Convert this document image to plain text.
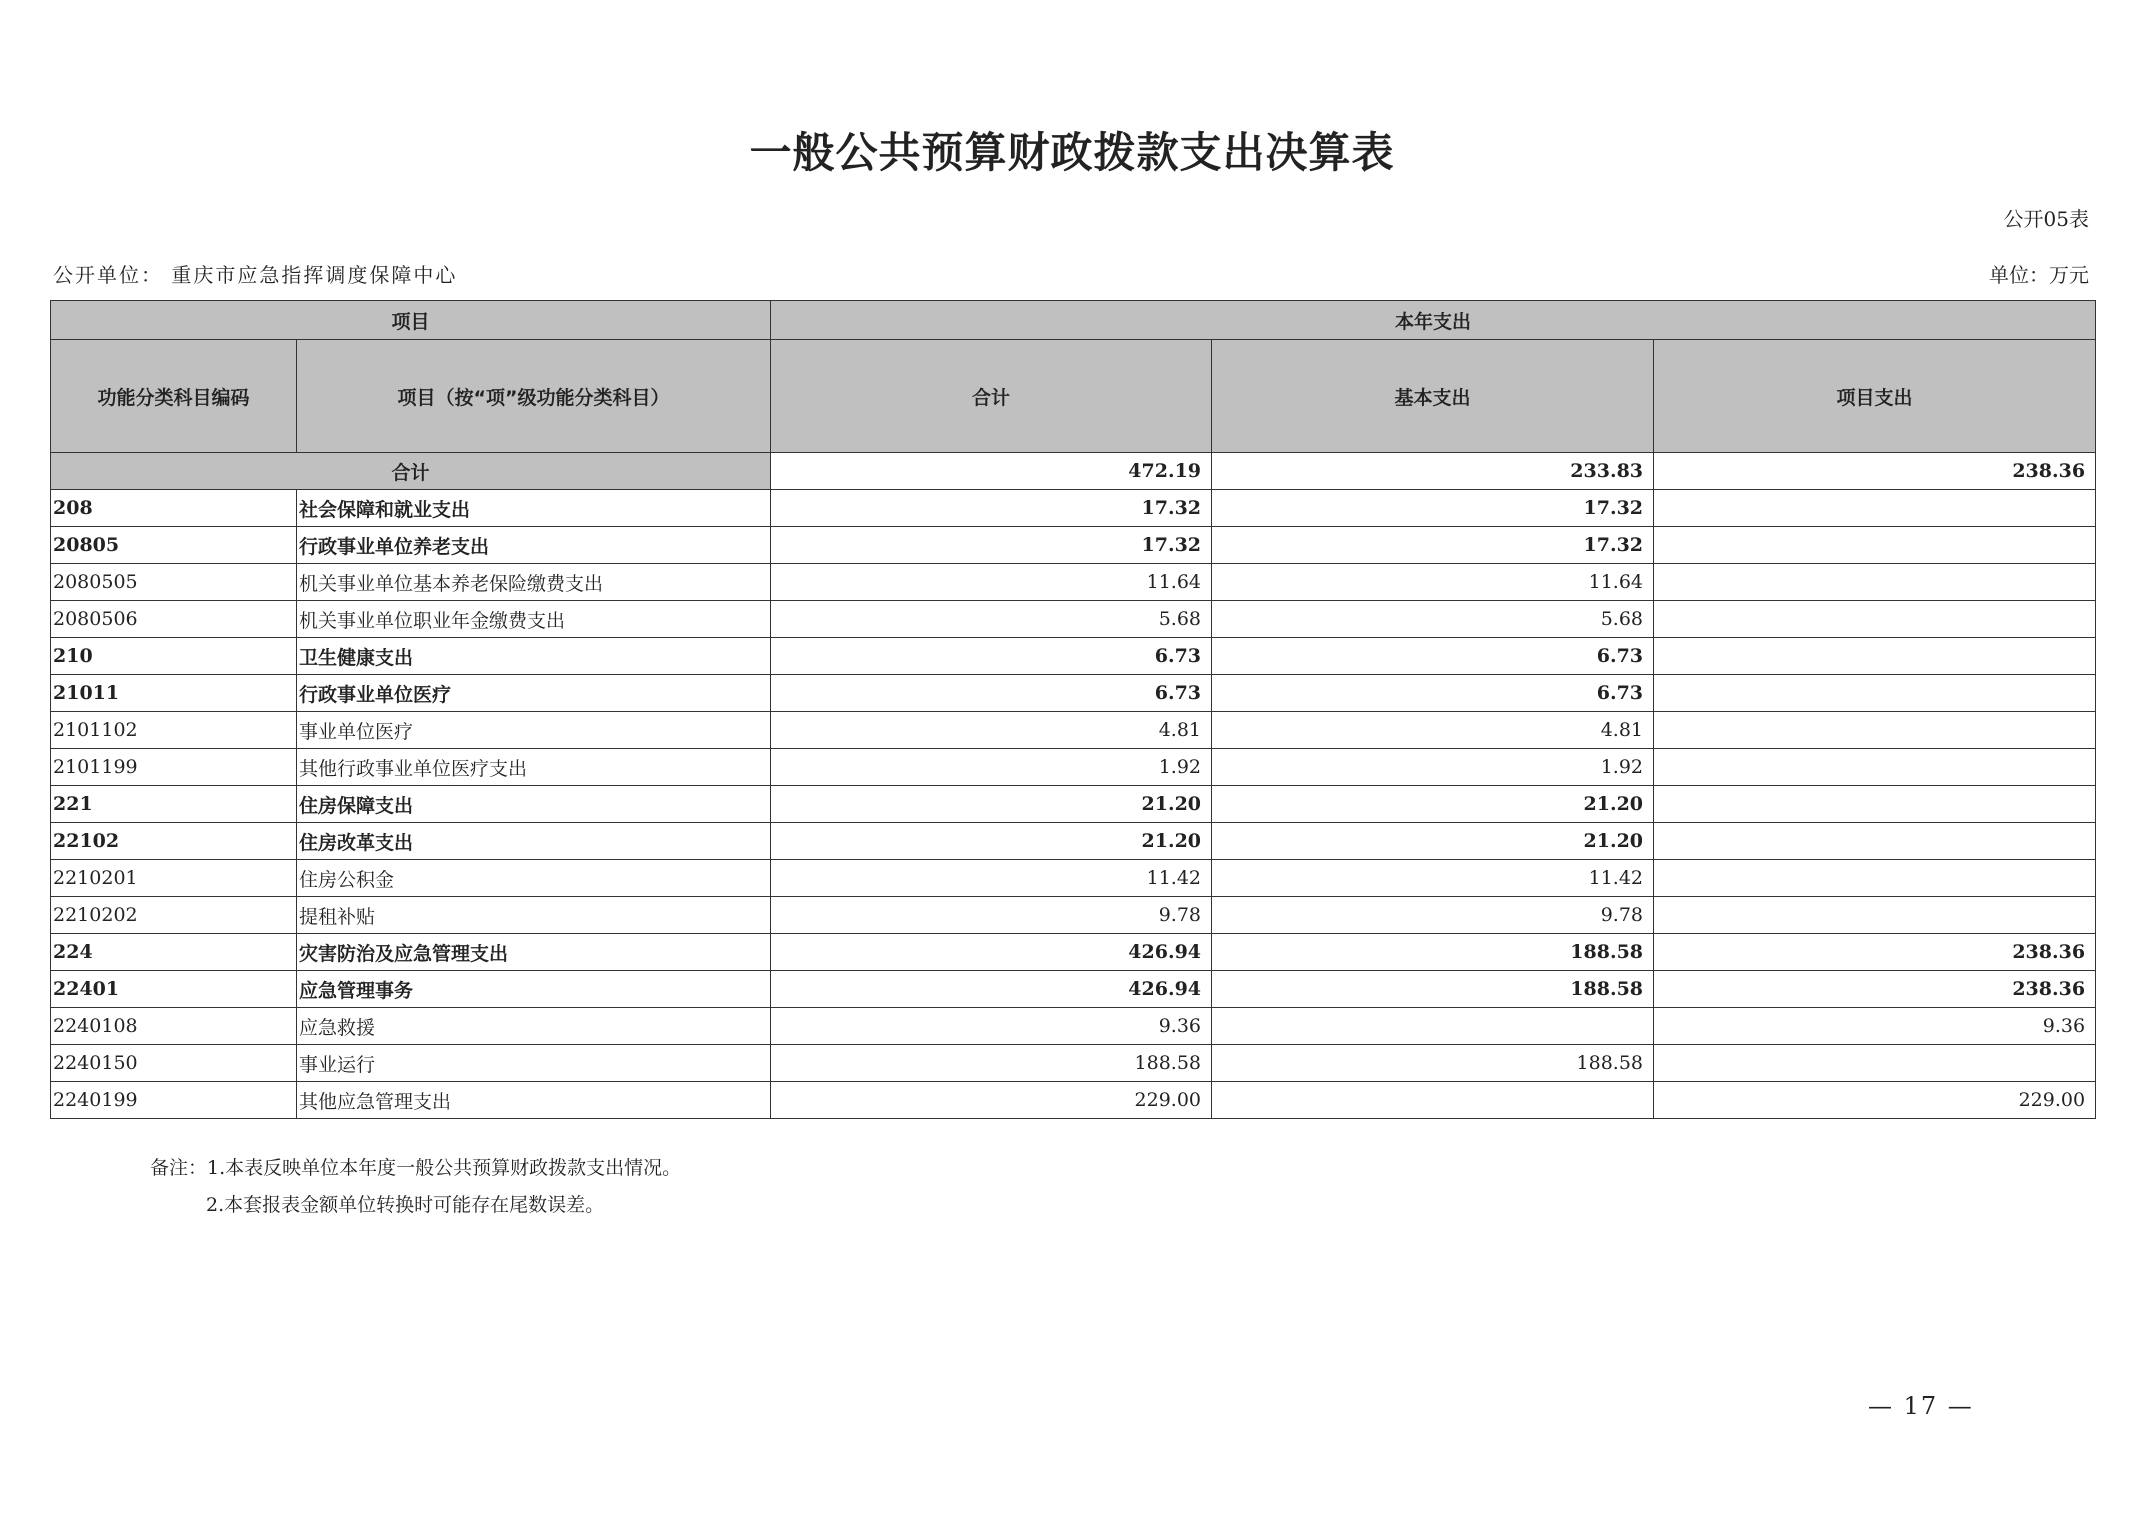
一般公共预算财政拨款支出决算表
公开05表
公开单位： 重庆市应急指挥调度保障中心	单位：万元
项目		本年支出		
功能分类科目编码	项目（按“项”级功能分类科目）	合计	基本支出	项目支出
合计		472.19	233.83	238.36
208	社会保障和就业支出	17.32	17.32	
20805	行政事业单位养老支出	17.32	17.32	
2080505	机关事业单位基本养老保险缴费支出	11.64	11.64	
2080506	机关事业单位职业年金缴费支出	5.68	5.68	
210	卫生健康支出	6.73	6.73	
21011	行政事业单位医疗	6.73	6.73	
2101102	事业单位医疗	4.81	4.81	
2101199	其他行政事业单位医疗支出	1.92	1.92	
221	住房保障支出	21.20	21.20	
22102	住房改革支出	21.20	21.20	
2210201	住房公积金	11.42	11.42	
2210202	提租补贴	9.78	9.78	
224	灾害防治及应急管理支出	426.94	188.58	238.36
22401	应急管理事务	426.94	188.58	238.36
2240108	应急救援	9.36		9.36
2240150	事业运行	188.58	188.58	
2240199	其他应急管理支出	229.00		229.00
备注：1.本表反映单位本年度一般公共预算财政拨款支出情况。
2.本套报表金额单位转换时可能存在尾数误差。
— 17 —
